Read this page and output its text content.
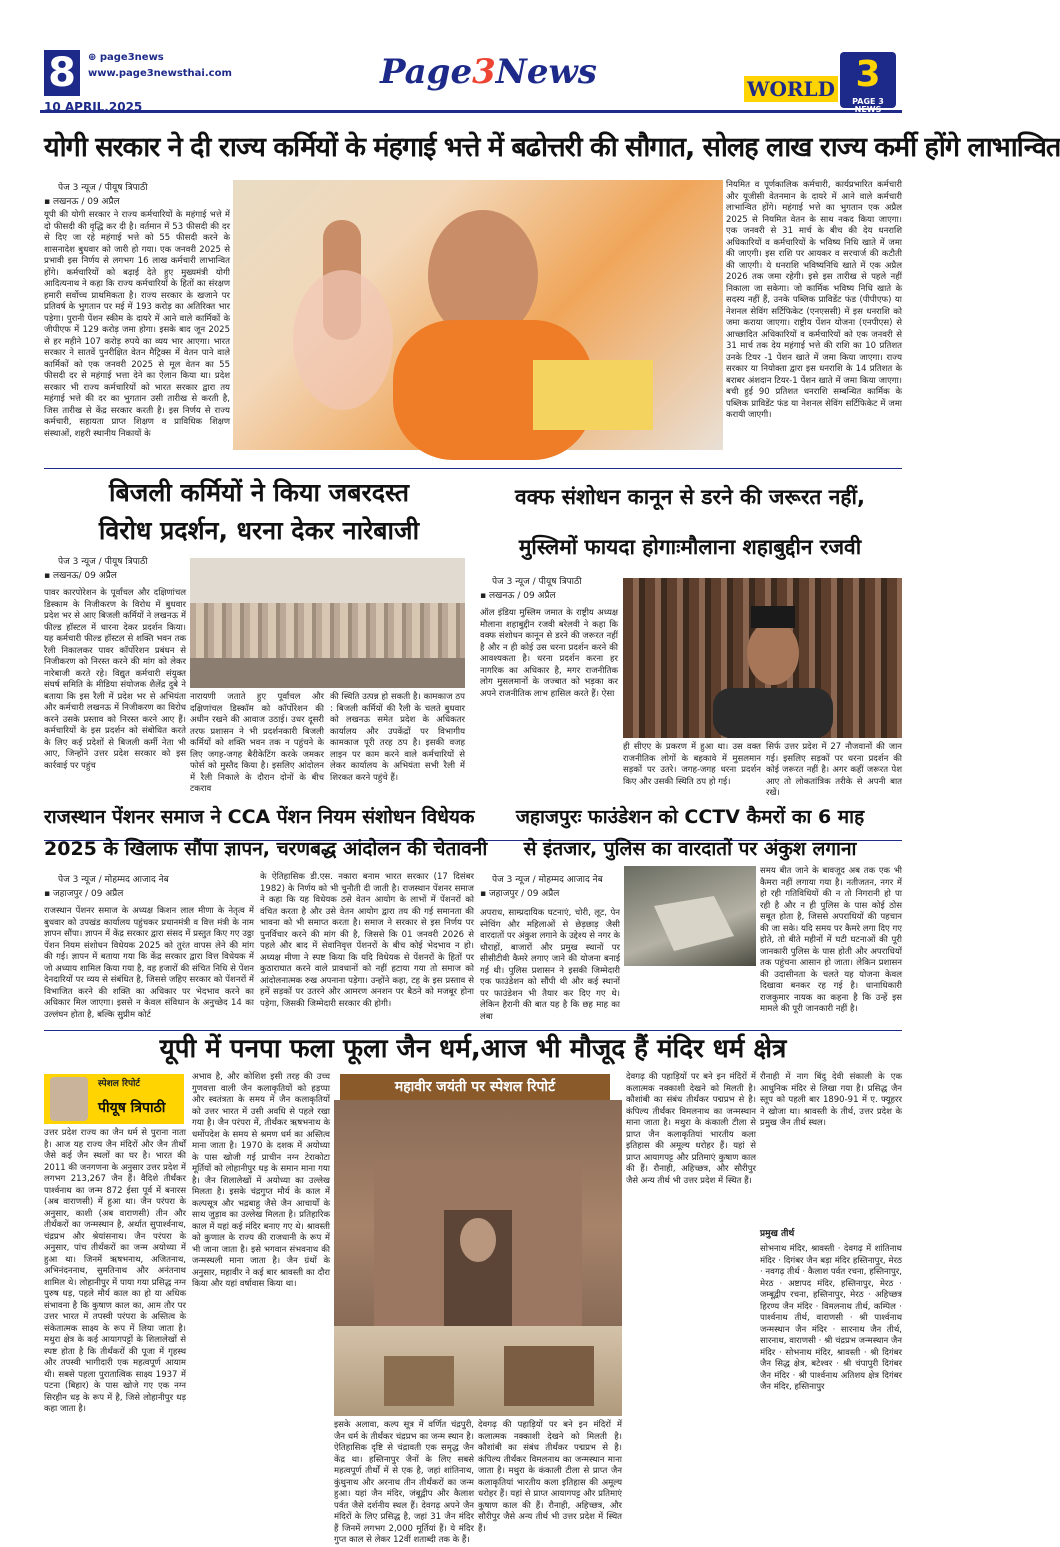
8	⊕ page3news
www.page3newsthai.com
10 APRIL,2025
Page3News	WORLD 3
PAGE 3 NEWS
योगी सरकार ने दी राज्य कर्मियों के मंहगाई भत्ते में बढोत्तरी की सौगात, सोलह लाख राज्य कर्मी होंगे लाभान्वित
पेज 3 न्यूज / पीयूष त्रिपाठी
▪ लखनऊ / 09 अप्रैल
यूपी की योगी सरकार ने राज्य कर्मचारियों के महंगाई भत्ते में दो फीसदी की वृद्धि कर दी है। वर्तमान में 53 फीसदी की दर से दिए जा रहे महंगाई भत्ते को 55 फीसदी करने के शासनादेश बुधवार को जारी हो गया। एक जनवरी 2025 से प्रभावी इस निर्णय से लगभग 16 लाख कर्मचारी लाभान्वित होंगे। कर्मचारियों को बढ़ाई देते हुए मुख्यमंत्री योगी आदित्यनाथ ने कहा कि राज्य कर्मचारियों के हितों का संरक्षण हमारी सर्वोच्च प्राथमिकता है। राज्य सरकार के खजाने पर प्रतिवर्ष के भुगतान पर मई में 193 करोड़ का अतिरिक्त भार पड़ेगा। पुरानी पेंशन स्कीम के दायरे में आने वाले कार्मिकों के जीपीएफ में 129 करोड़ जमा होगा। इसके बाद जून 2025 से हर महीने 107 करोड़ रुपये का व्यय भार आएगा। भारत सरकार ने सातवें पुनरीक्षित वेतन मैट्रिक्स में वेतन पाने वाले कार्मिकों को एक जनवरी 2025 से मूल वेतन का 55 फीसदी दर से महंगाई भत्ता देने का ऐलान किया था। प्रदेश सरकार भी राज्य कर्मचारियों को भारत सरकार द्वारा तय महंगाई भत्ते की दर का भुगतान उसी तारीख से करती है, जिस तारीख से केंद्र सरकार करती है। इस निर्णय से राज्य कर्मचारी, सहायता प्राप्त शिक्षण व प्राविधिक शिक्षण संस्थाओं, शहरी स्थानीय निकायों के
नियमित व पूर्णकालिक कर्मचारी, कार्यप्रभारित कर्मचारी और यूजीसी वेतनमान के दायरे में आने वाले कर्मचारी लाभान्वित होंगे। महंगाई भत्ते का भुगतान एक अप्रैल 2025 से नियमित वेतन के साथ नकद किया जाएगा। एक जनवरी से 31 मार्च के बीच की देय धनराशि अधिकारियों व कर्मचारियों के भविष्य निधि खाते में जमा की जाएगी। इस राशि पर आयकर व सरचार्ज की कटौती की जाएगी। ये धनराशि भविष्यनिधि खाते में एक अप्रैल 2026 तक जमा रहेगी। इसे इस तारीख से पहले नहीं निकाला जा सकेगा। जो कार्मिक भविष्य निधि खाते के सदस्य नहीं हैं, उनके पब्लिक प्राविडेंट फंड (पीपीएफ) या नेशनल सेविंग सर्टिफिकेट (एनएससी) में इस धनराशि को जमा कराया जाएगा। राष्ट्रीय पेंशन योजना (एनपीएस) से आच्छादित अधिकारियों व कर्मचारियों को एक जनवरी से 31 मार्च तक देय महंगाई भत्ते की राशि का 10 प्रतिशत उनके टियर -1 पेंशन खाते में जमा किया जाएगा। राज्य सरकार या नियोक्ता द्वारा इस धनराशि के 14 प्रतिशत के बराबर अंशदान टियर-1 पेंशन खाते में जमा किया जाएगा। बची हुई 90 प्रतिशत धनराशि सम्बन्धित कार्मिक के पब्लिक प्राविडेंट फंड या नेशनल सेविंग सर्टिफिकेट में जमा करायी जाएगी।
बिजली कर्मियों ने किया जबरदस्त
विरोध प्रदर्शन, धरना देकर नारेबाजी
पेज 3 न्यूज / पीयूष त्रिपाठी
▪ लखनऊ/ 09 अप्रैल
पावर कारपोरेशन के पूर्वांचल और दक्षिणांचल डिस्काम के निजीकरण के विरोध में बुधवार प्रदेश भर से आए बिजली कर्मियों ने लखनऊ में फील्ड हॉस्टल में धारना देकर प्रदर्शन किया। यह कर्मचारी फील्ड हॉस्टल से शक्ति भवन तक रैली निकालकर पावर कॉर्पोरेशन प्रबंधन से निजीकरण को निरस्त करने की मांग को लेकर नारेबाजी करते रहे। विद्युत कर्मचारी संयुक्त संघर्ष समिति के मीडिया संयोजक शैलेंद्र दुबे ने बताया कि इस रैली में प्रदेश भर से अभियंता और कर्मचारी लखनऊ में निजीकरण का विरोध करने उसके प्रस्ताव को निरस्त करने आए हैं। कर्मचारियों के इस प्रदर्शन को संबोधित करते के लिए कई प्रदेशों से बिजली कर्मी नेता भी आए, जिन्होंने उत्तर प्रदेश सरकार को इस कार्रवाई पर पहुंच
नारायणी जताते हुए पूर्वांचल और दक्षिणांचल डिस्कॉम को कॉर्पोरेशन की अधीन रखने की आवाज उठाई। उधर दूसरी तरफ प्रशासन ने भी प्रदर्शनकारी बिजली कर्मियों को शक्ति भवन तक न पहुंचने के लिए जगह-जगह बैरीकेटिंग करके जमकर फोर्स को मुस्तैद किया है। इसलिए आंदोलन में रैली निकाले के दौरान दोनों के बीच टकराव
की स्थिति उत्पन्न हो सकती है। कामकाज ठप : बिजली कर्मियों की रैली के चलते बुधवार को लखनऊ समेत प्रदेश के अधिकतर कार्यालय और उपकेंद्रों पर विभागीय कामकाज पूरी तरह ठप है। इसकी वजह लाइन पर काम करने वाले कर्मचारियों से लेकर कार्यालय के अभियंता सभी रैली में शिरकत करने पहुंचे हैं।
वक्फ संशोधन कानून से डरने की जरूरत नहीं,
मुस्लिमों फायदा होगाःमौलाना शहाबुद्दीन रजवी
पेज 3 न्यूज / पीयूष त्रिपाठी
▪ लखनऊ / 09 अप्रैल
ऑल इंडिया मुस्लिम जमात के राष्ट्रीय अध्यक्ष मौलाना शहाबुद्दीन रजवी बरेलवी ने कहा कि वक्फ संशोधन कानून से डरने की जरूरत नहीं है और न ही कोई उस धरना प्रदर्शन करने की आवश्यकता है। धरना प्रदर्शन करना हर नागरिक का अधिकार है, मगर राजनीतिक लोग मुसलमानों के जज्बात को भड़का कर अपने राजनीतिक लाभ हासिल करते हैं। ऐसा
ही सीएए के प्रकरण में हुआ था। उस वक्त राजनीतिक लोगों के बहकावे में मुसलमान सड़कों पर उतरे। जगह-जगह धरना प्रदर्शन किए और उसकी स्थिति ठप हो गई।
सिर्फ उत्तर प्रदेश में 27 नौजवानों की जान गई। इसलिए सड़कों पर धरना प्रदर्शन की कोई जरूरत नहीं है। अगर कहीं जरूरत पेश आए तो लोकतांत्रिक तरीके से अपनी बात रखें।
राजस्थान पेंशनर समाज ने CCA पेंशन नियम संशोधन विधेयक
2025 के खिलाफ सौंपा ज्ञापन, चरणबद्ध आंदोलन की चेतावनी
पेज 3 न्यूज / मोहम्मद आजाद नेब
▪ जहाजपुर / 09 अप्रैल
राजस्थान पेंशनर समाज के अध्यक्ष किशन लाल मीणा के नेतृत्व में बुधवार को उपखंड कार्यालय पहुंचकर प्रधानमंत्री व वित्त मंत्री के नाम ज्ञापन सौंपा। ज्ञापन में केंद्र सरकार द्वारा संसद में प्रस्तुत किए गए उठ्ठा पेंशन नियम संशोधन विधेयक 2025 को तुरंत वापस लेने की मांग की गई। ज्ञापन में बताया गया कि केंद्र सरकार द्वारा वित्त विधेयक में जो अध्याय शामिल किया गया है, वह हजारों की संचित निधि से पेंशन देनदारियों पर व्यय से संबंधित है, जिससे जहिए सरकार को पेंशनरों में विभाजित करने की शक्ति का अधिकार पर भेदभाव करने का अधिकार मिल जाएगा। इससे न केवल संविधान के अनुच्छेद 14 का उल्लंघन होता है, बल्कि सुप्रीम कोर्ट
के ऐतिहासिक डी.एस. नकारा बनाम भारत सरकार (17 दिसंबर 1982) के निर्णय को भी चुनौती दी जाती है। राजस्थान पेंशनर समाज ने कहा कि यह विधेयक ठसे वेतन आयोग के लाभों में पेंशनरों को वंचित करता है और उसे वेतन आयोग द्वारा तय की गई समानता की भावना को भी समाप्त करता है। समाज ने सरकार से इस निर्णय पर पुनर्विचार करने की मांग की है, जिससे कि 01 जनवरी 2026 से पहले और बाद में सेवानिवृत्त पेंशनरों के बीच कोई भेदभाव न हो। अध्यक्ष मीणा ने स्पष्ट किया कि यदि विधेयक से पेंशनरों के हितों पर कुठाराघात करने वाले प्रावधानों को नहीं हटाया गया तो समाज को आंदोलनात्मक रुख अपनाना पड़ेगा। उन्होंने कहा, टह के इस प्रस्ताव से हमें सड़कों पर उतरने और आमरण अनशन पर बैठने को मजबूर होना पड़ेगा, जिसकी जिम्मेदारी सरकार की होगी।
जहाजपुरः फाउंडेशन को CCTV कैमरों का 6 माह
से इंतजार, पुलिस का वारदातों पर अंकुश लगाना
पेज 3 न्यूज / मोहम्मद आजाद नेब
▪ जहाजपुर / 09 अप्रैल
अपराध, साम्प्रदायिक घटनाएं, चोरी, लूट, पेन स्नेचिंग और महिलाओं से छेड़छाड़ जैसी वारदातों पर अंकुश लगाने के उद्देश्य से नगर के चौराहों, बाजारों और प्रमुख स्थानों पर सीसीटीवी कैमरे लगाए जाने की योजना बनाई गई थी। पुलिस प्रशासन ने इसकी जिम्मेदारी एक फाउंडेशन को सौंपी थी और कई स्थानों पर फाउंडेशन भी तैयार कर दिए गए थे। लेकिन हैरानी की बात यह है कि छह माह का लंबा
समय बीत जाने के बावजूद अब तक एक भी कैमरा नहीं लगाया गया है। नतीजतन, नगर में हो रही गतिविधियों की न तो निगरानी हो पा रही है और न ही पुलिस के पास कोई ठोस सबूत होता है, जिससे अपराधियों की पहचान की जा सके। यदि समय पर कैमरे लगा दिए गए होते, तो बीते महीनों में घटी घटनाओं की पूरी जानकारी पुलिस के पास होती और अपराधियों तक पहुंचना आसान हो जाता। लेकिन प्रशासन की उदासीनता के चलते यह योजना केवल दिखावा बनकर रह गई है। धानाधिकारी राजकुमार नायक का कहना है कि उन्हें इस मामले की पूरी जानकारी नहीं है।
यूपी में पनपा फला फूला जैन धर्म,आज भी मौजूद हैं मंदिर धर्म क्षेत्र
स्पेशल रिपोर्ट
पीयूष त्रिपाठी
उत्तर प्रदेश राज्य का जैन धर्म से पुराना नाता है। आज यह राज्य जैन मंदिरों और जैन तीर्थों जैसे कई जैन स्थलों का घर है। भारत की 2011 की जनगणना के अनुसार उत्तर प्रदेश में लगभग 213,267 जैन हैं। वैदिशे तीर्थंकर पार्श्वनाथ का जन्म 872 ईसा पूर्व में बनारस (अब वाराणसी) में हुआ था। जैन परंपरा के अनुसार, काशी (अब वाराणसी) तीन और तीर्थंकरों का जन्मस्थान है, अर्थात सुपार्श्वनाथ, चंद्रप्रभ और श्रेयांसनाथ। जैन परंपरा के अनुसार, पांच तीर्थंकरों का जन्म अयोध्या में हुआ था। जिनमें ऋषभनाथ, अजितनाथ, अभिनंदननाथ, सुमतिनाथ और अनंतनाथ शामिल थे। लोहानीपुर में पाया गया प्रसिद्ध नग्न पुरुष धड़, पहले मौर्य काल का हो या अधिक संभावना है कि कुषाण काल का, आम तौर पर उत्तर भारत में तपस्वी परंपरा के अस्तित्व के संकेतात्मक साक्ष्य के रूप में लिया जाता है। मथुरा क्षेत्र के कई आयागपट्टों के शिलालेखों से स्पष्ट होता है कि तीर्थंकरों की पूजा में गृहस्थ और तपस्वी भागीदारी एक महत्वपूर्ण आयाम थी। सबसे पहला पुरातात्विक साक्ष्य 1937 में पटना (बिहार) के पास खोजे गए एक नग्न सिरहीन धड़ के रूप में है, जिसे लोहानीपुर धड़ कहा जाता है।
अभाव है, और कोशिश इसी तरह की उच्च गुणवत्ता वाली जैन कलाकृतियों को हड़प्पा और स्वतंत्रता के समय में जैन कलाकृतियों को उत्तर भारत में उसी अवधि से पहले रखा गया है। जैन परंपरा में, तीर्थंकर ऋषभनाथ के धर्मोपदेश के समय से श्रमण धर्म का अस्तित्व माना जाता है। 1970 के दशक में अयोध्या के पास खोजी गई प्राचीन नग्न टेराकोटा मूर्तियों को लोहानीपुर धड़ के समान माना गया है। जैन शिलालेखों में अयोध्या का उल्लेख मिलता है। इसके चंद्रगुप्त मौर्य के काल में कल्पसूत्र और भद्रबाहु जैसे जैन आचार्यों के साथ जुड़ाव का उल्लेख मिलता है। प्रतिहारिक काल में यहां कई मंदिर बनाए गए थे। श्रावस्ती को कुणाल के राज्य की राजधानी के रूप में भी जाना जाता है। इसे भगवान संभवनाथ की जन्मस्थली माना जाता है। जैन ग्रंथों के अनुसार, महावीर ने कई बार श्रावस्ती का दौरा किया और यहां वर्षावास किया था।
महावीर जयंती पर स्पेशल रिपोर्ट
इसके अलावा, कल्प सूत्र में वर्णित चंद्रपुरी, जैन धर्म के तीर्थंकर चंद्रप्रभ का जन्म स्थान है। ऐतिहासिक दृष्टि से चंद्रावती एक समृद्ध जैन केंद्र था। हस्तिनापुर जैनों के लिए सबसे महत्वपूर्ण तीर्थों में से एक है, जहां शांतिनाथ, कुंथुनाथ और अरनाथ तीन तीर्थंकरों का जन्म हुआ। यहां जैन मंदिर, जंबूद्वीप और कैलाश पर्वत जैसे दर्शनीय स्थल हैं। देवगढ़ अपने जैन मंदिरों के लिए प्रसिद्ध है, जहां 31 जैन मंदिर हैं जिनमें लगभग 2,000 मूर्तियां हैं। ये मंदिर गुप्त काल से लेकर 12वीं शताब्दी तक के हैं।
देवगढ़ की पहाड़ियों पर बने इन मंदिरों में कलात्मक नक्काशी देखने को मिलती है। कौशांबी का संबंध तीर्थंकर पद्मप्रभ से है। कंपिल्य तीर्थंकर विमलनाथ का जन्मस्थान माना जाता है। मथुरा के कंकाली टीला से प्राप्त जैन कलाकृतियां भारतीय कला इतिहास की अमूल्य धरोहर हैं। यहां से प्राप्त आयागपट्ट और प्रतिमाएं कुषाण काल की हैं। रौनाही, अहिच्छत्र, और सौरीपुर जैसे अन्य तीर्थ भी उत्तर प्रदेश में स्थित हैं।
देवगढ़ की पहाड़ियों पर बने इन मंदिरों में कलात्मक नक्काशी देखने को मिलती है। कौशांबी का संबंध तीर्थंकर पद्मप्रभ से है। कंपिल्य तीर्थंकर विमलनाथ का जन्मस्थान माना जाता है। मथुरा के कंकाली टीला से प्राप्त जैन कलाकृतियां भारतीय कला इतिहास की अमूल्य धरोहर हैं। यहां से प्राप्त आयागपट्ट और प्रतिमाएं कुषाण काल की हैं। रौनाही, अहिच्छत्र, और सौरीपुर जैसे अन्य तीर्थ भी उत्तर प्रदेश में स्थित हैं।
रौनाही में नाग बिंदु देवी संकाली के एक आधुनिक मंदिर से लिखा गया है। प्रसिद्ध जैन स्तूप को पहली बार 1890-91 में ए. फ्यूहरर ने खोजा था। श्रावस्ती के तीर्थ, उत्तर प्रदेश के प्रमुख जैन तीर्थ स्थल।
प्रमुख तीर्थ
सोभनाथ मंदिर, श्रावस्ती · देवगढ़ में शांतिनाथ मंदिर · दिगंबर जैन बड़ा मंदिर हस्तिनापुर, मेरठ · नवगढ़ तीर्थ · कैलाश पर्वत रचना, हस्तिनापुर, मेरठ · अष्टापद मंदिर, हस्तिनापुर, मेरठ · जम्बूद्वीप रचना, हस्तिनापुर, मेरठ · अहिच्छत्र हिरण्य जैन मंदिर · विमलनाथ तीर्थ, कम्पिल · पार्श्वनाथ तीर्थ, वाराणसी · श्री पार्श्वनाथ जन्मस्थान जैन मंदिर · सारनाथ जैन तीर्थ, सारनाथ, वाराणसी · श्री चंद्रप्रभ जन्मस्थान जैन मंदिर · सोभनाथ मंदिर, श्रावस्ती · श्री दिगंबर जैन सिद्ध क्षेत्र, बटेश्वर · श्री चंपापुरी दिगंबर जैन मंदिर · श्री पार्श्वनाथ अतिशय क्षेत्र दिगंबर जैन मंदिर, हस्तिनापुर
